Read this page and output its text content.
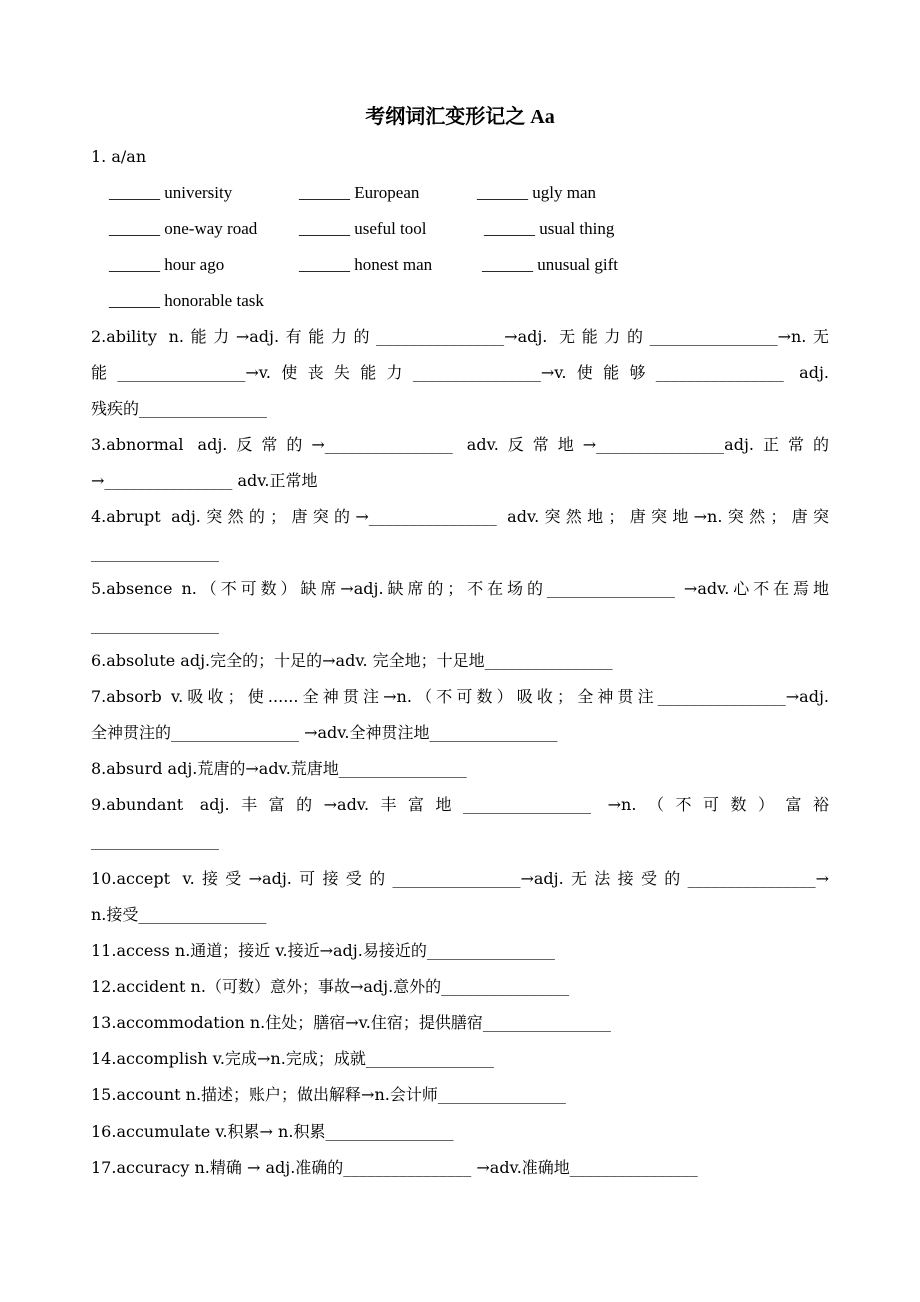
考纲词汇变形记之 Aa
1. a/an
______ university	______ European	______ ugly man
______ one-way road ______ useful tool	______ usual thing
______ hour ago	______ honest man	______ unusual gift
______ honorable task
2.ability n.能力→adj.有能力的________________→adj. 无能力的________________→n.无
能________________→v.使丧失能力________________→v.使能够________________ adj.
残疾的________________
3.abnormal adj.反常的→________________ adv.反常地→________________adj.正常的
→________________ adv.正常地
4.abrupt adj.突然的；唐突的→________________ adv.突然地；唐突地→n.突然；唐突
________________
5.absence n.（不可数）缺席→adj.缺席的；不在场的________________ →adv.心不在焉地
________________
6.absolute adj.完全的；十足的→adv. 完全地；十足地________________
7.absorb v.吸收；使......全神贯注→n.（不可数）吸收；全神贯注________________→adj.
全神贯注的________________ →adv.全神贯注地________________
8.absurd adj.荒唐的→adv.荒唐地________________
9.abundant adj.丰富的→adv.丰富地________________ →n.（不可数）富裕
________________
10.accept v.接受→adj.可接受的________________→adj.无法接受的________________→
n.接受________________
11.access n.通道；接近 v.接近→adj.易接近的________________
12.accident n.（可数）意外；事故→adj.意外的________________
13.accommodation n.住处；膳宿→v.住宿；提供膳宿________________
14.accomplish v.完成→n.完成；成就________________
15.account n.描述；账户；做出解释→n.会计师________________
16.accumulate v.积累→ n.积累________________
17.accuracy n.精确 → adj.准确的________________ →adv.准确地________________
